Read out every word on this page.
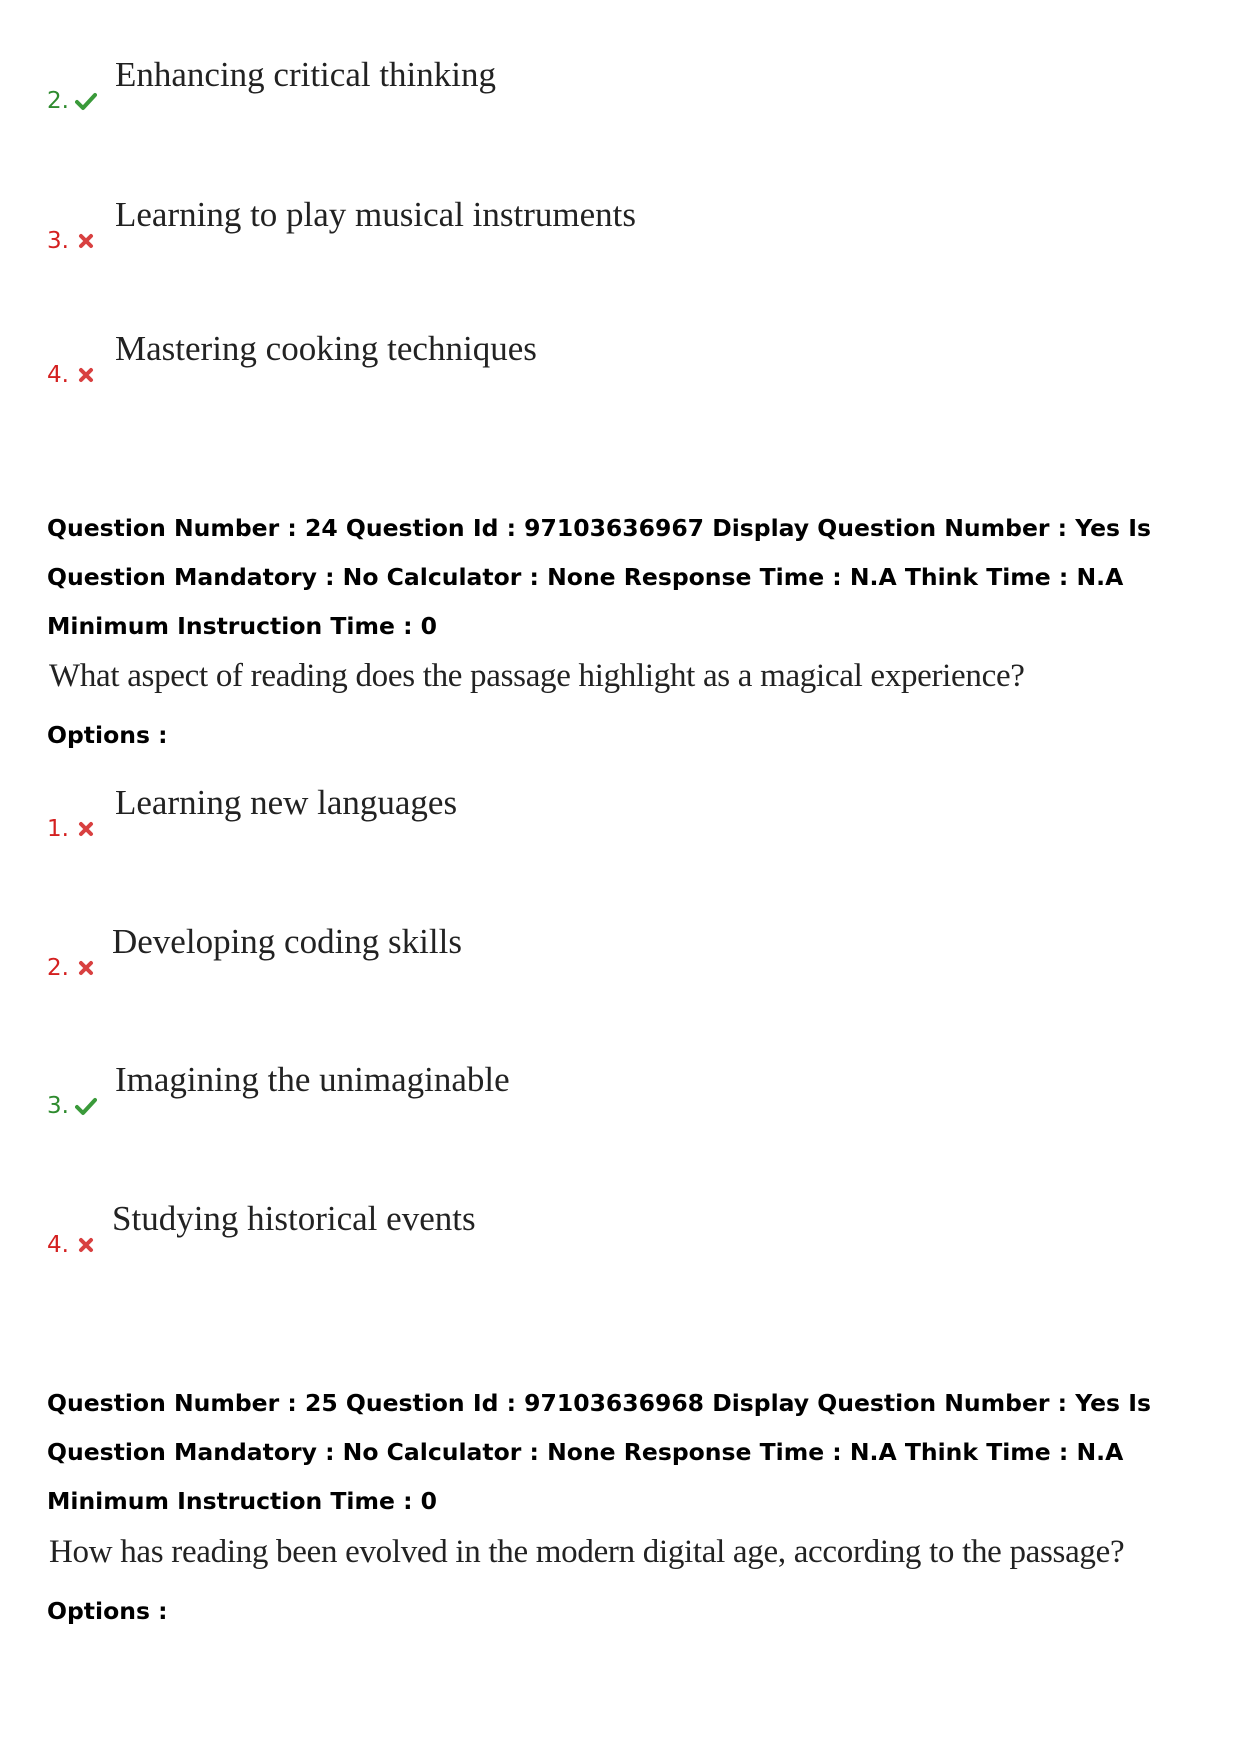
2.
Enhancing critical thinking
3.
Learning to play musical instruments
4.
Mastering cooking techniques
Question Number : 24 Question Id : 97103636967 Display Question Number : Yes Is Question Mandatory : No Calculator : None Response Time : N.A Think Time : N.A Minimum Instruction Time : 0
What aspect of reading does the passage highlight as a magical experience?
Options :
1.
Learning new languages
2.
Developing coding skills
3.
Imagining the unimaginable
4.
Studying historical events
Question Number : 25 Question Id : 97103636968 Display Question Number : Yes Is Question Mandatory : No Calculator : None Response Time : N.A Think Time : N.A Minimum Instruction Time : 0
How has reading been evolved in the modern digital age, according to the passage?
Options :
